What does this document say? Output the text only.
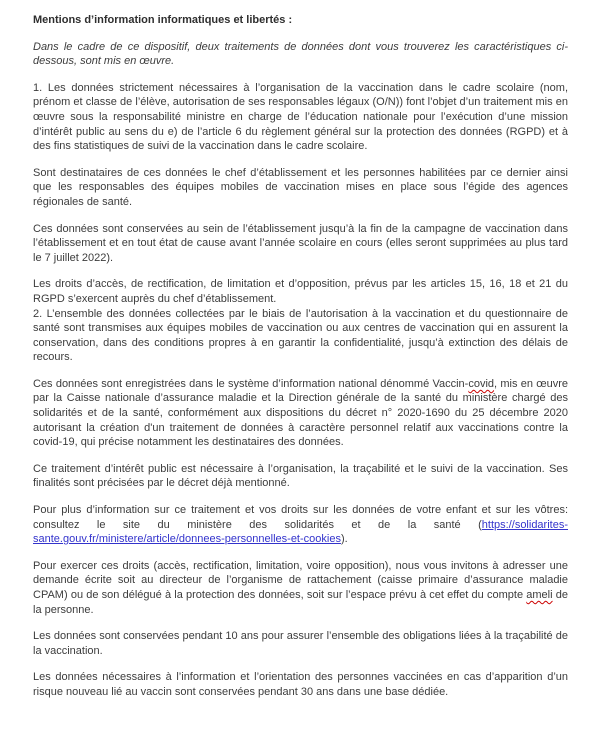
Mentions d’information informatiques et libertés :

Dans le cadre de ce dispositif, deux traitements de données dont vous trouverez les caractéristiques ci-dessous, sont mis en œuvre.

1. Les données strictement nécessaires à l’organisation de la vaccination dans le cadre scolaire (nom, prénom et classe de l’élève, autorisation de ses responsables légaux (O/N)) font l’objet d’un traitement mis en œuvre sous la responsabilité ministre en charge de l’éducation nationale pour l’exécution d’une mission d’intérêt public au sens du e) de l’article 6 du règlement général sur la protection des données (RGPD) et à des fins statistiques de suivi de la vaccination dans le cadre scolaire.

Sont destinataires de ces données le chef d’établissement et les personnes habilitées par ce dernier ainsi que les responsables des équipes mobiles de vaccination mises en place sous l’égide des agences régionales de santé.

Ces données sont conservées au sein de l’établissement jusqu’à la fin de la campagne de vaccination dans l’établissement et en tout état de cause avant l’année scolaire en cours (elles seront supprimées au plus tard le 7 juillet 2022).

Les droits d’accès, de rectification, de limitation et d’opposition, prévus par les articles 15, 16, 18 et 21 du RGPD s’exercent auprès du chef d’établissement.

2. L’ensemble des données collectées par le biais de l’autorisation à la vaccination et du questionnaire de santé sont transmises aux équipes mobiles de vaccination ou aux centres de vaccination qui en assurent la conservation, dans des conditions propres à en garantir la confidentialité, jusqu’à extinction des délais de recours.

Ces données sont enregistrées dans le système d’information national dénommé Vaccin-covid, mis en œuvre par la Caisse nationale d’assurance maladie et la Direction générale de la santé du ministère chargé des solidarités et de la santé, conformément aux dispositions du décret n° 2020-1690 du 25 décembre 2020 autorisant la création d'un traitement de données à caractère personnel relatif aux vaccinations contre la covid-19, qui précise notamment les destinataires des données.

Ce traitement d’intérêt public est nécessaire à l’organisation, la traçabilité et le suivi de la vaccination. Ses finalités sont précisées par le décret déjà mentionné.

Pour plus d’information sur ce traitement et vos droits sur les données de votre enfant et sur les vôtres: consultez le site du ministère des solidarités et de la santé (https://solidarites-sante.gouv.fr/ministere/article/donnees-personnelles-et-cookies).

Pour exercer ces droits (accès, rectification, limitation, voire opposition), nous vous invitons à adresser une demande écrite soit au directeur de l’organisme de rattachement (caisse primaire d’assurance maladie CPAM) ou de son délégué à la protection des données, soit sur l’espace prévu à cet effet du compte ameli de la personne.

Les données sont conservées pendant 10 ans pour assurer l’ensemble des obligations liées à la traçabilité de la vaccination.

Les données nécessaires à l’information et l’orientation des personnes vaccinées en cas d’apparition d’un risque nouveau lié au vaccin sont conservées pendant 30 ans dans une base dédiée.
